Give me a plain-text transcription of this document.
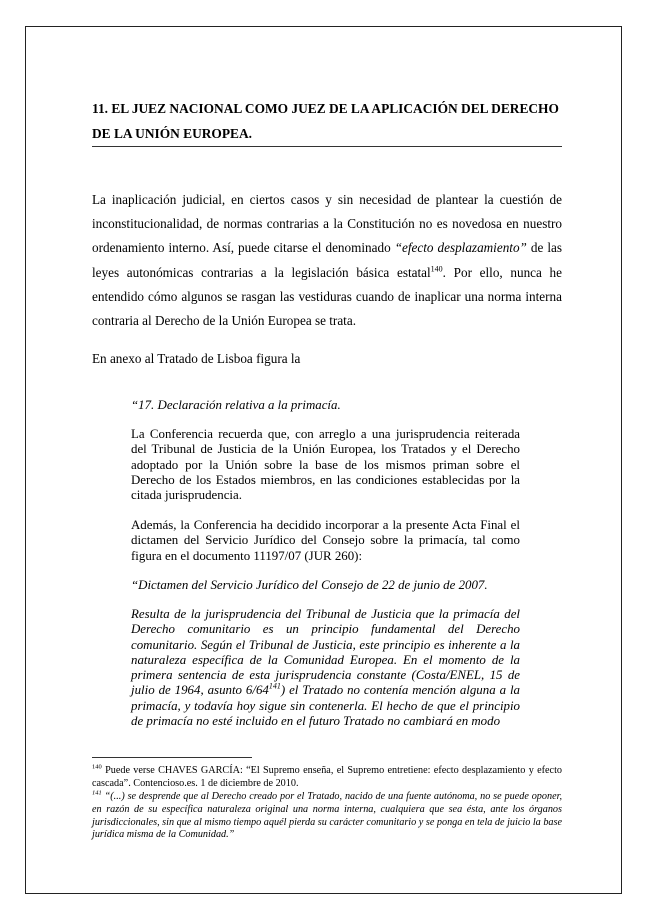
11. EL JUEZ NACIONAL COMO JUEZ DE LA APLICACIÓN DEL DERECHO DE LA UNIÓN EUROPEA.

La inaplicación judicial, en ciertos casos y sin necesidad de plantear la cuestión de inconstitucionalidad, de normas contrarias a la Constitución no es novedosa en nuestro ordenamiento interno. Así, puede citarse el denominado “efecto desplazamiento” de las leyes autonómicas contrarias a la legislación básica estatal$^{140}$. Por ello, nunca he entendido cómo algunos se rasgan las vestiduras cuando de inaplicar una norma interna contraria al Derecho de la Unión Europea se trata.

En anexo al Tratado de Lisboa figura la

“17. Declaración relativa a la primacía.

La Conferencia recuerda que, con arreglo a una jurisprudencia reiterada del Tribunal de Justicia de la Unión Europea, los Tratados y el Derecho adoptado por la Unión sobre la base de los mismos priman sobre el Derecho de los Estados miembros, en las condiciones establecidas por la citada jurisprudencia.

Además, la Conferencia ha decidido incorporar a la presente Acta Final el dictamen del Servicio Jurídico del Consejo sobre la primacía, tal como figura en el documento 11197/07 (JUR 260):

“Dictamen del Servicio Jurídico del Consejo de 22 de junio de 2007.

Resulta de la jurisprudencia del Tribunal de Justicia que la primacía del Derecho comunitario es un principio fundamental del Derecho comunitario. Según el Tribunal de Justicia, este principio es inherente a la naturaleza específica de la Comunidad Europea. En el momento de la primera sentencia de esta jurisprudencia constante (Costa/ENEL, 15 de julio de 1964, asunto $6/64^{141}$) el Tratado no contenía mención alguna a la primacía, y todavía hoy sigue sin contenerla. El hecho de que el principio de primacía no esté incluido en el futuro Tratado no cambiará en modo

$^{140}$ Puede verse CHAVES GARCÍA: “El Supremo enseña, el Supremo entretiene: efecto desplazamiento y efecto cascada”. Contencioso.es. 1 de diciembre de 2010.

$^{141}$ “(...) se desprende que al Derecho creado por el Tratado, nacido de una fuente autónoma, no se puede oponer, en razón de su específica naturaleza original una norma interna, cualquiera que sea ésta, ante los órganos jurisdiccionales, sin que al mismo tiempo aquél pierda su carácter comunitario y se ponga en tela de juicio la base jurídica misma de la Comunidad.”
